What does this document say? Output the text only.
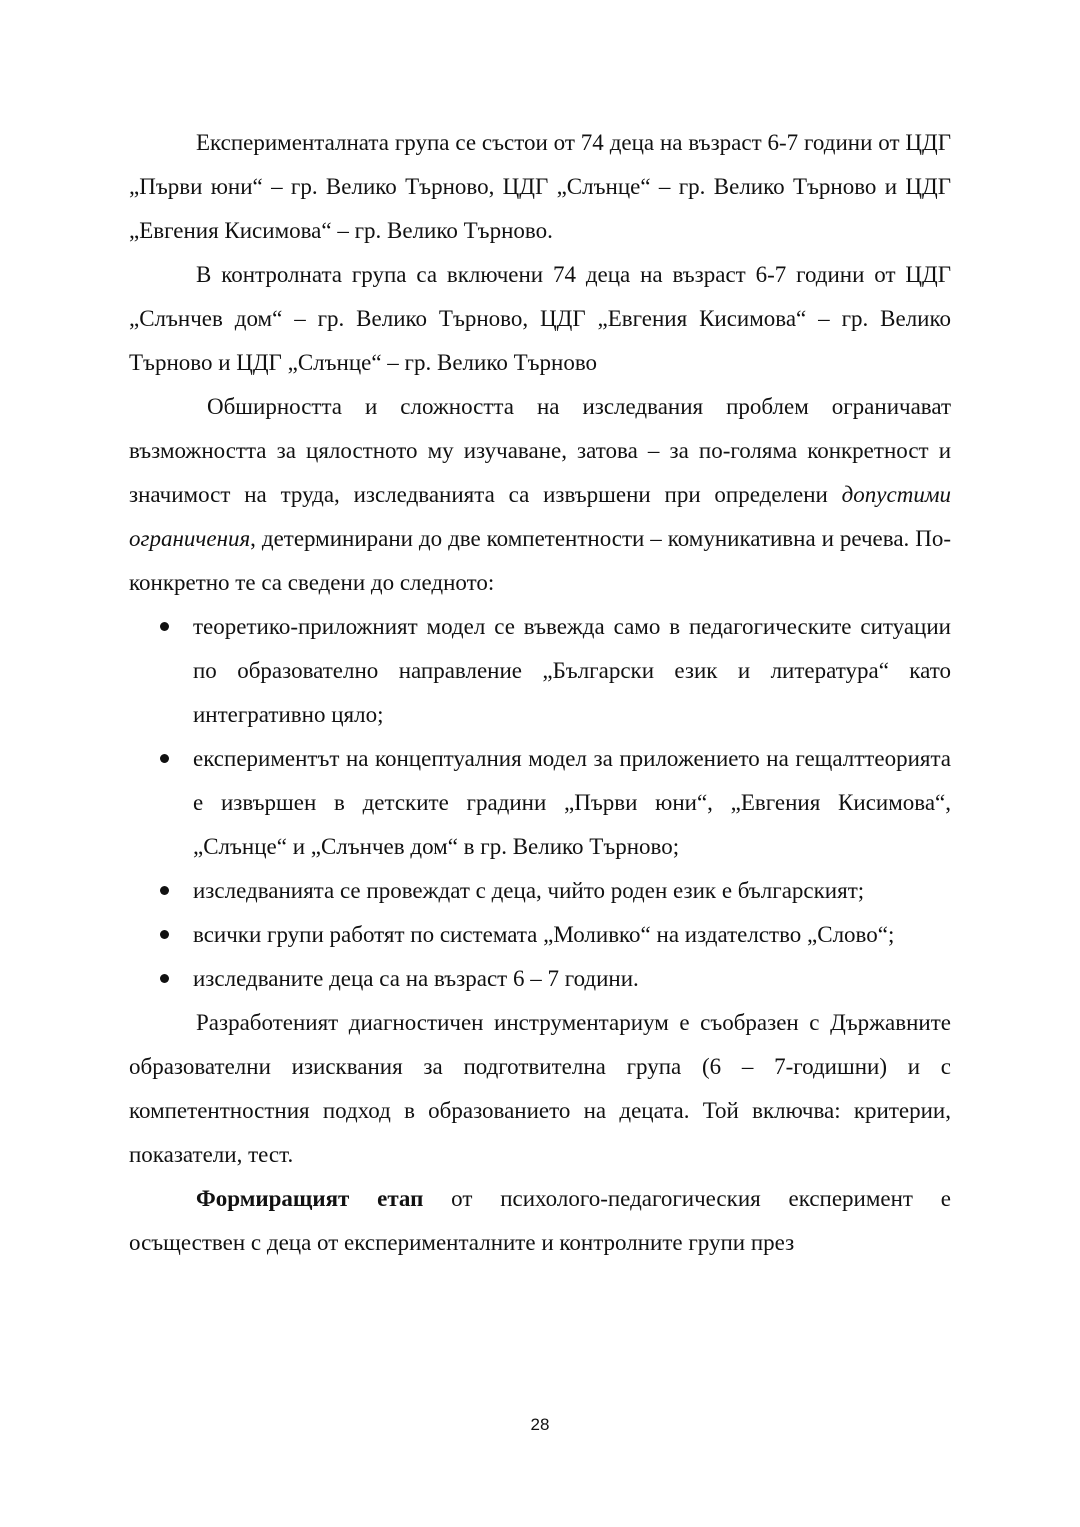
Експерименталната група се състои от 74 деца на възраст 6-7 години от ЦДГ „Първи юни“ – гр. Велико Търново, ЦДГ „Слънце“ – гр. Велико Търново и ЦДГ „Евгения Кисимова“ – гр. Велико Търново.

В контролната група са включени 74 деца на възраст 6-7 години от ЦДГ „Слънчев дом“ – гр. Велико Търново, ЦДГ „Евгения Кисимова“ – гр. Велико Търново и ЦДГ „Слънце“ – гр. Велико Търново

Обширността и сложността на изследвания проблем ограничават възможността за цялостното му изучаване, затова – за по-голяма конкретност и значимост на труда, изследванията са извършени при определени допустими ограничения, детерминирани до две компетентности – комуникативна и речева. По-конкретно те са сведени до следното:

теоретико-приложният модел се въвежда само в педагогическите ситуации по образователно направление „Български език и литература“ като интегративно цяло;
експериментът на концептуалния модел за приложението на гещалттеорията е извършен в детските градини „Първи юни“, „Евгения Кисимова“, „Слънце“ и „Слънчев дом“ в гр. Велико Търново;
изследванията се провеждат с деца, чийто роден език е българският;
всички групи работят по системата „Моливко“ на издателство „Слово“;
изследваните деца са на възраст 6 – 7 години.

Разработеният диагностичен инструментариум е съобразен с Държавните образователни изисквания за подготвителна група (6 – 7-годишни) и с компетентностния подход в образованието на децата. Той включва: критерии, показатели, тест.

Формиращият етап от психолого-педагогическия експеримент е осъществен с деца от експерименталните и контролните групи през

28
